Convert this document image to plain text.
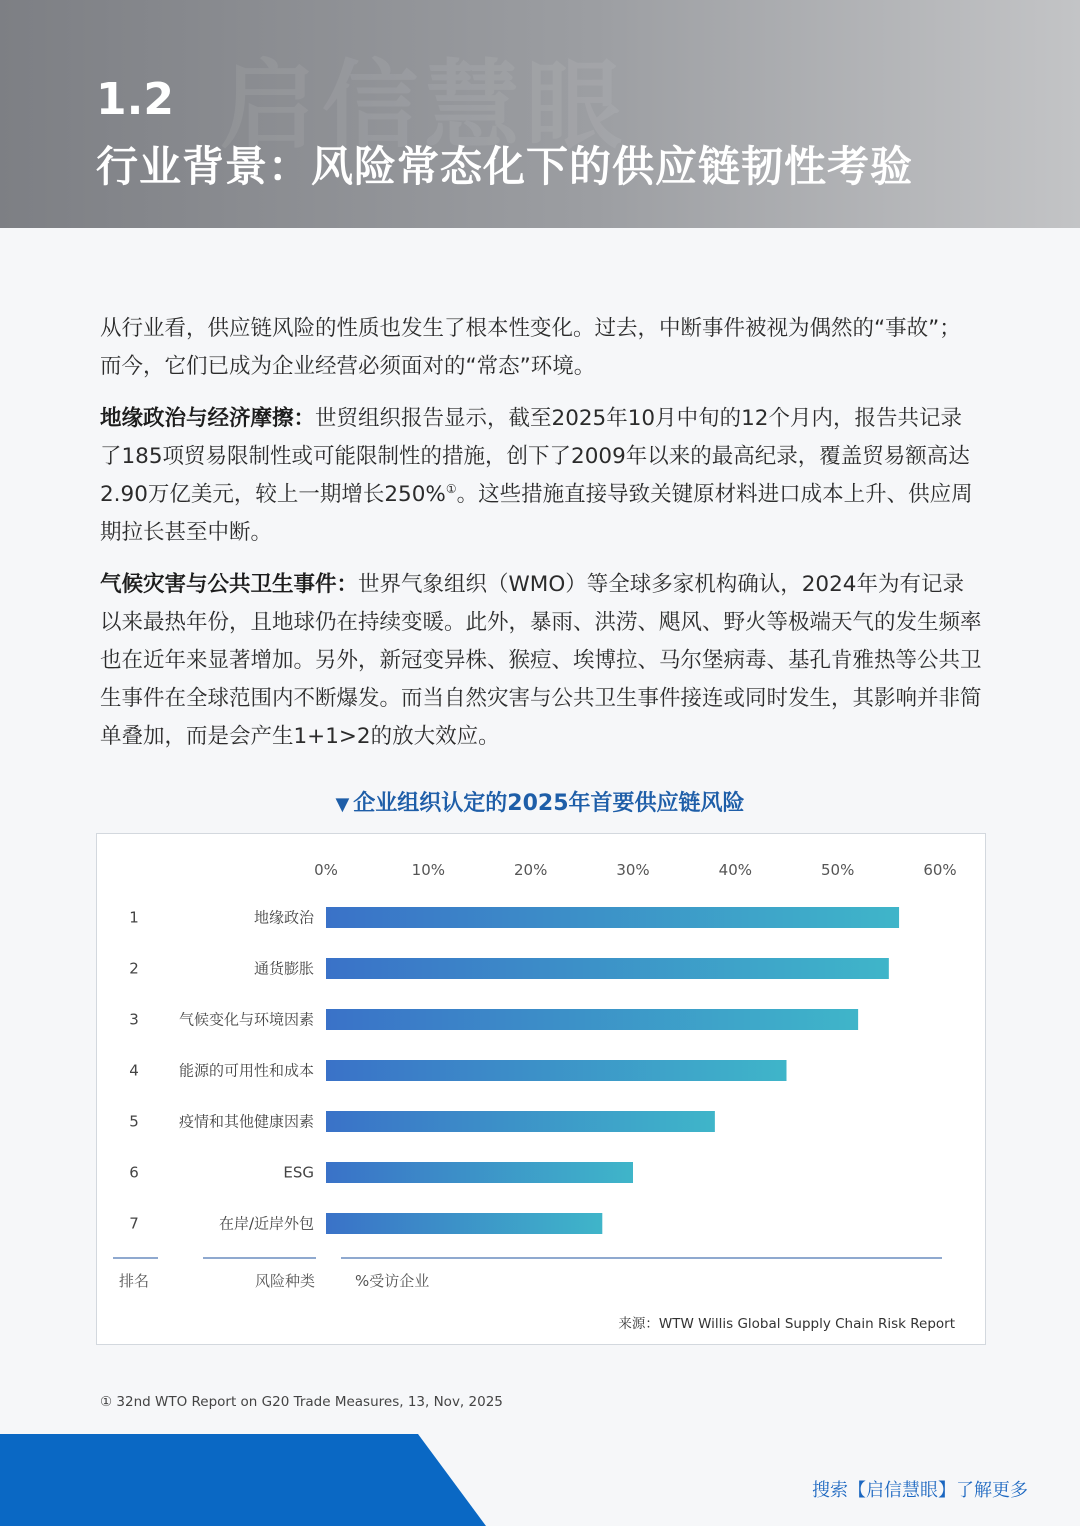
启信慧眼
1.2
行业背景：风险常态化下的供应链韧性考验

从行业看，供应链风险的性质也发生了根本性变化。过去，中断事件被视为偶然的“事故”；而今，它们已成为企业经营必须面对的“常态”环境。

地缘政治与经济摩擦：世贸组织报告显示，截至2025年10月中旬的12个月内，报告共记录了185项贸易限制性或可能限制性的措施，创下了2009年以来的最高纪录，覆盖贸易额高达2.90万亿美元，较上一期增长250%①。这些措施直接导致关键原材料进口成本上升、供应周期拉长甚至中断。

气候灾害与公共卫生事件：世界气象组织（WMO）等全球多家机构确认，2024年为有记录以来最热年份，且地球仍在持续变暖。此外，暴雨、洪涝、飓风、野火等极端天气的发生频率也在近年来显著增加。另外，新冠变异株、猴痘、埃博拉、马尔堡病毒、基孔肯雅热等公共卫生事件在全球范围内不断爆发。而当自然灾害与公共卫生事件接连或同时发生，其影响并非简单叠加，而是会产生1+1>2的放大效应。

▼ 企业组织认定的2025年首要供应链风险
0%	10%	20%	30%	40%	50%	60%
1	地缘政治
2	通货膨胀
3	气候变化与环境因素
4	能源的可用性和成本
5	疫情和其他健康因素
6	ESG
7	在岸/近岸外包
排名	风险种类	%受访企业
来源：WTW Willis Global Supply Chain Risk Report
① 32nd WTO Report on G20 Trade Measures, 13, Nov, 2025
搜索【启信慧眼】了解更多
